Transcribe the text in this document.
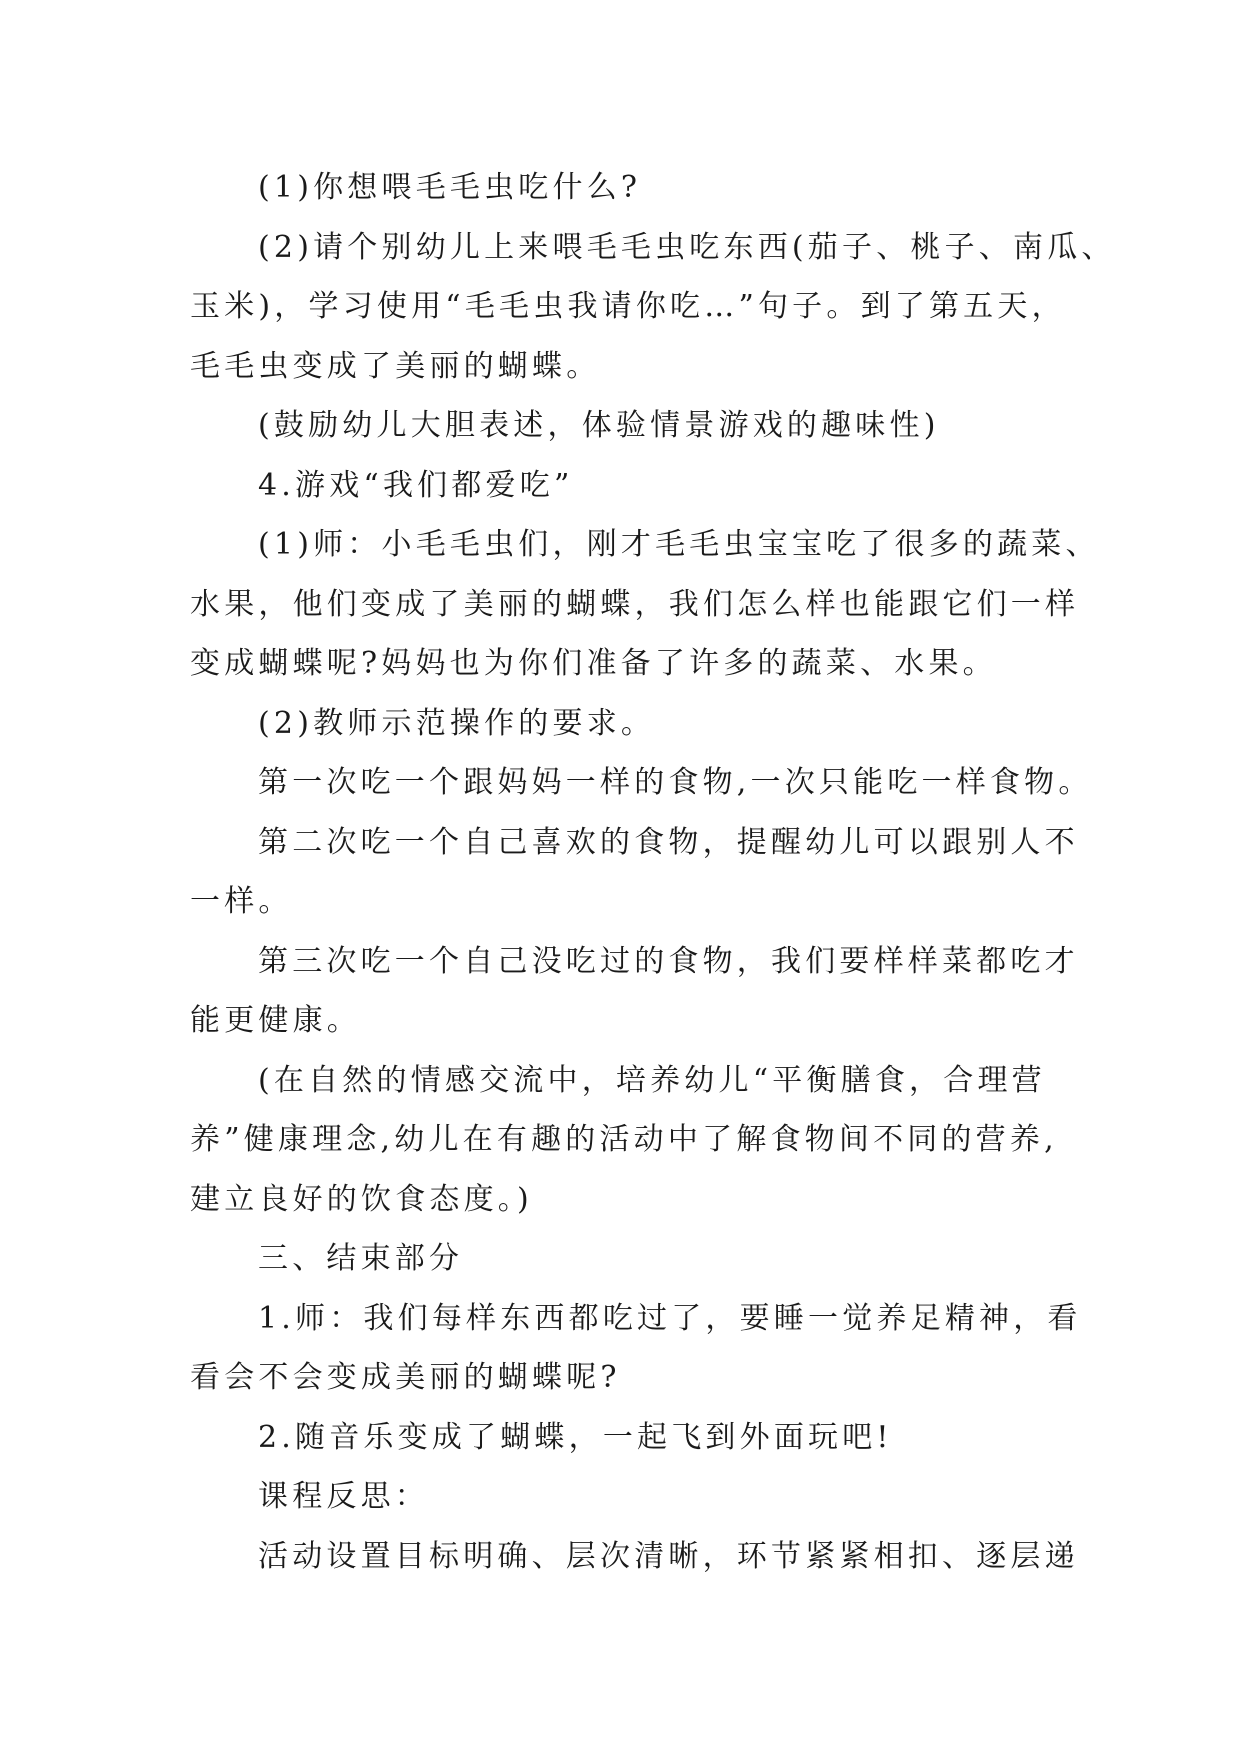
(1)你想喂毛毛虫吃什么?
(2)请个别幼儿上来喂毛毛虫吃东西(茄子、桃子、南瓜、
玉米)，学习使用“毛毛虫我请你吃…”句子。到了第五天，
毛毛虫变成了美丽的蝴蝶。
(鼓励幼儿大胆表述，体验情景游戏的趣味性)
4.游戏“我们都爱吃”
(1)师：小毛毛虫们，刚才毛毛虫宝宝吃了很多的蔬菜、
水果，他们变成了美丽的蝴蝶，我们怎么样也能跟它们一样
变成蝴蝶呢?妈妈也为你们准备了许多的蔬菜、水果。
(2)教师示范操作的要求。
第一次吃一个跟妈妈一样的食物,一次只能吃一样食物。
第二次吃一个自己喜欢的食物，提醒幼儿可以跟别人不
一样。
第三次吃一个自己没吃过的食物，我们要样样菜都吃才
能更健康。
(在自然的情感交流中，培养幼儿“平衡膳食，合理营
养”健康理念,幼儿在有趣的活动中了解食物间不同的营养,
建立良好的饮食态度。)
三、结束部分
1.师：我们每样东西都吃过了，要睡一觉养足精神，看
看会不会变成美丽的蝴蝶呢?
2.随音乐变成了蝴蝶，一起飞到外面玩吧!
课程反思：
活动设置目标明确、层次清晰，环节紧紧相扣、逐层递
